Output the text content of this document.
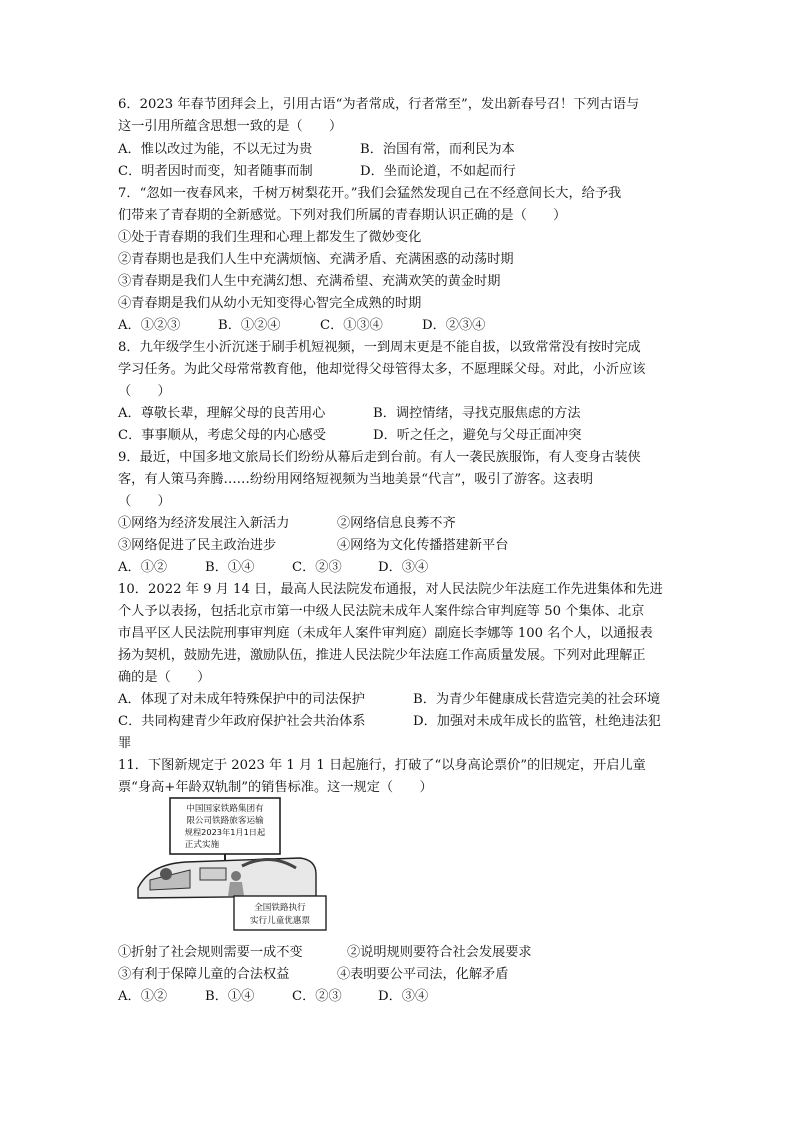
6．2023 年春节团拜会上，引用古语“为者常成，行者常至”，发出新春号召！下列古语与
这一引用所蕴含思想一致的是（　　）
A．惟以改过为能，不以无过为贵	B．治国有常，而利民为本
C．明者因时而变，知者随事而制	D．坐而论道，不如起而行
7．“忽如一夜春风来，千树万树梨花开。”我们会猛然发现自己在不经意间长大，给予我
们带来了青春期的全新感觉。下列对我们所属的青春期认识正确的是（　　）
①处于青春期的我们生理和心理上都发生了微妙变化
②青春期也是我们人生中充满烦恼、充满矛盾、充满困惑的动荡时期
③青春期是我们人生中充满幻想、充满希望、充满欢笑的黄金时期
④青春期是我们从幼小无知变得心智完全成熟的时期
A．①②③	B．①②④	C．①③④	D．②③④
8．九年级学生小沂沉迷于刷手机短视频，一到周末更是不能自拔，以致常常没有按时完成
学习任务。为此父母常常教育他，他却觉得父母管得太多，不愿理睬父母。对此，小沂应该
（　　）
A．尊敬长辈，理解父母的良苦用心	B．调控情绪，寻找克服焦虑的方法
C．事事顺从，考虑父母的内心感受	D．听之任之，避免与父母正面冲突
9．最近，中国多地文旅局长们纷纷从幕后走到台前。有人一袭民族服饰，有人变身古装侠
客，有人策马奔腾……纷纷用网络短视频为当地美景“代言”，吸引了游客。这表明
（　　）
①网络为经济发展注入新活力	②网络信息良莠不齐
③网络促进了民主政治进步	④网络为文化传播搭建新平台
A．①②	B．①④	C．②③	D．③④
10．2022 年 9 月 14 日，最高人民法院发布通报，对人民法院少年法庭工作先进集体和先进
个人予以表扬，包括北京市第一中级人民法院未成年人案件综合审判庭等 50 个集体、北京
市昌平区人民法院刑事审判庭（未成年人案件审判庭）副庭长李娜等 100 名个人，以通报表
扬为契机，鼓励先进，激励队伍，推进人民法院少年法庭工作高质量发展。下列对此理解正
确的是（　　）
A．体现了对未成年特殊保护中的司法保护	B．为青少年健康成长营造完美的社会环境
C．共同构建青少年政府保护社会共治体系	D．加强对未成年成长的监管，杜绝违法犯
罪
11．下图新规定于 2023 年 1 月 1 日起施行，打破了“以身高论票价”的旧规定，开启儿童
票“身高+年龄双轨制”的销售标准。这一规定（　　）
中国国家铁路集团有
限公司铁路旅客运输
规程2023年1月1日起
正式实施
全国铁路执行
实行儿童优惠票
①折射了社会规则需要一成不变	②说明规则要符合社会发展要求
③有利于保障儿童的合法权益	④表明要公平司法，化解矛盾
A．①②	B．①④	C．②③	D．③④
